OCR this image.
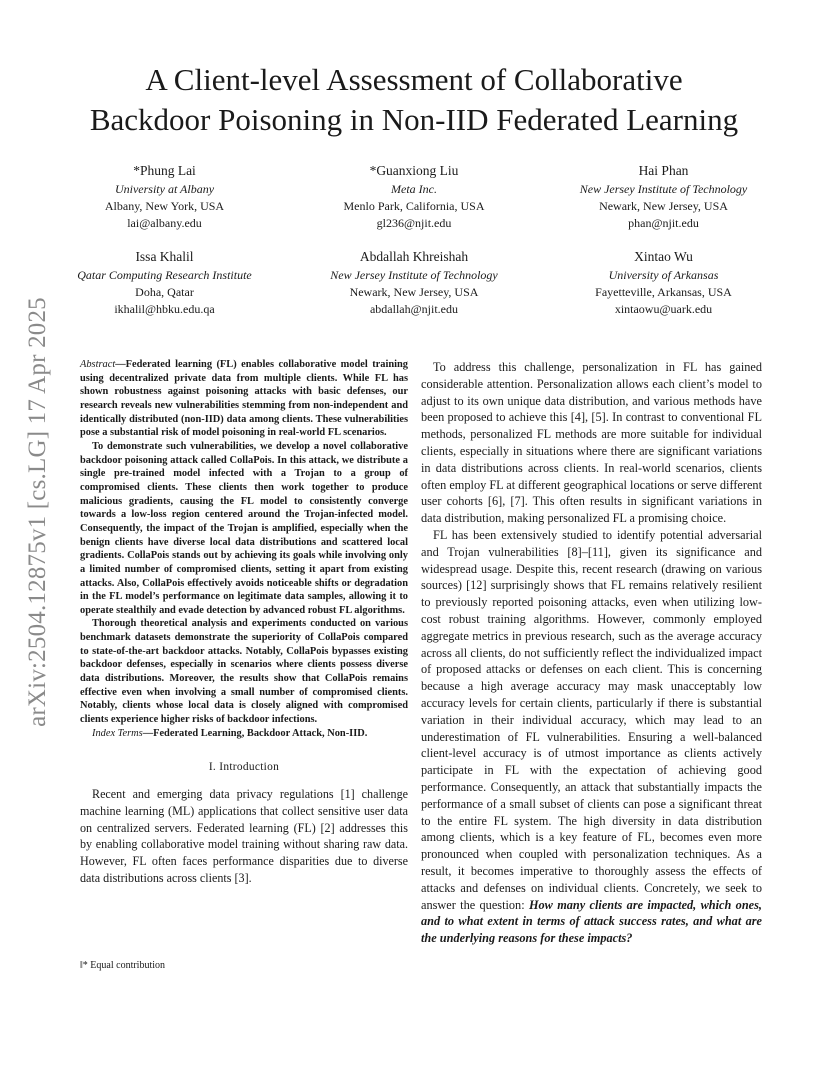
arXiv:2504.12875v1 [cs.LG] 17 Apr 2025
A Client-level Assessment of Collaborative
Backdoor Poisoning in Non-IID Federated Learning
*Phung Lai
University at Albany
Albany, New York, USA
lai@albany.edu
*Guanxiong Liu
Meta Inc.
Menlo Park, California, USA
gl236@njit.edu
Hai Phan
New Jersey Institute of Technology
Newark, New Jersey, USA
phan@njit.edu
Issa Khalil
Qatar Computing Research Institute
Doha, Qatar
ikhalil@hbku.edu.qa
Abdallah Khreishah
New Jersey Institute of Technology
Newark, New Jersey, USA
abdallah@njit.edu
Xintao Wu
University of Arkansas
Fayetteville, Arkansas, USA
xintaowu@uark.edu

Abstract—Federated learning (FL) enables collaborative model training using decentralized private data from multiple clients. While FL has shown robustness against poisoning attacks with basic defenses, our research reveals new vulnerabilities stemming from non-independent and identically distributed (non-IID) data among clients. These vulnerabilities pose a substantial risk of model poisoning in real-world FL scenarios.

To demonstrate such vulnerabilities, we develop a novel collaborative backdoor poisoning attack called CollaPois. In this attack, we distribute a single pre-trained model infected with a Trojan to a group of compromised clients. These clients then work together to produce malicious gradients, causing the FL model to consistently converge towards a low-loss region centered around the Trojan-infected model. Consequently, the impact of the Trojan is amplified, especially when the benign clients have diverse local data distributions and scattered local gradients. CollaPois stands out by achieving its goals while involving only a limited number of compromised clients, setting it apart from existing attacks. Also, CollaPois effectively avoids noticeable shifts or degradation in the FL model’s performance on legitimate data samples, allowing it to operate stealthily and evade detection by advanced robust FL algorithms.

Thorough theoretical analysis and experiments conducted on various benchmark datasets demonstrate the superiority of CollaPois compared to state-of-the-art backdoor attacks. Notably, CollaPois bypasses existing backdoor defenses, especially in scenarios where clients possess diverse data distributions. Moreover, the results show that CollaPois remains effective even when involving a small number of compromised clients. Notably, clients whose local data is closely aligned with compromised clients experience higher risks of backdoor infections.

Index Terms—Federated Learning, Backdoor Attack, Non-IID.

I. Introduction

Recent and emerging data privacy regulations [1] challenge machine learning (ML) applications that collect sensitive user data on centralized servers. Federated learning (FL) [2] addresses this by enabling collaborative model training without sharing raw data. However, FL often faces performance disparities due to diverse data distributions across clients [3].

‖* Equal contribution

To address this challenge, personalization in FL has gained considerable attention. Personalization allows each client’s model to adjust to its own unique data distribution, and various methods have been proposed to achieve this [4], [5]. In contrast to conventional FL methods, personalized FL methods are more suitable for individual clients, especially in situations where there are significant variations in data distributions across clients. In real-world scenarios, clients often employ FL at different geographical locations or serve different user cohorts [6], [7]. This often results in significant variations in data distribution, making personalized FL a promising choice.

FL has been extensively studied to identify potential adversarial and Trojan vulnerabilities [8]–[11], given its significance and widespread usage. Despite this, recent research (drawing on various sources) [12] surprisingly shows that FL remains relatively resilient to previously reported poisoning attacks, even when utilizing low-cost robust training algorithms. However, commonly employed aggregate metrics in previous research, such as the average accuracy across all clients, do not sufficiently reflect the individualized impact of proposed attacks or defenses on each client. This is concerning because a high average accuracy may mask unacceptably low accuracy levels for certain clients, particularly if there is substantial variation in their individual accuracy, which may lead to an underestimation of FL vulnerabilities. Ensuring a well-balanced client-level accuracy is of utmost importance as clients actively participate in FL with the expectation of achieving good performance. Consequently, an attack that substantially impacts the performance of a small subset of clients can pose a significant threat to the entire FL system. The high diversity in data distribution among clients, which is a key feature of FL, becomes even more pronounced when coupled with personalization techniques. As a result, it becomes imperative to thoroughly assess the effects of attacks and defenses on individual clients. Concretely, we seek to answer the question: How many clients are impacted, which ones, and to what extent in terms of attack success rates, and what are the underlying reasons for these impacts?
